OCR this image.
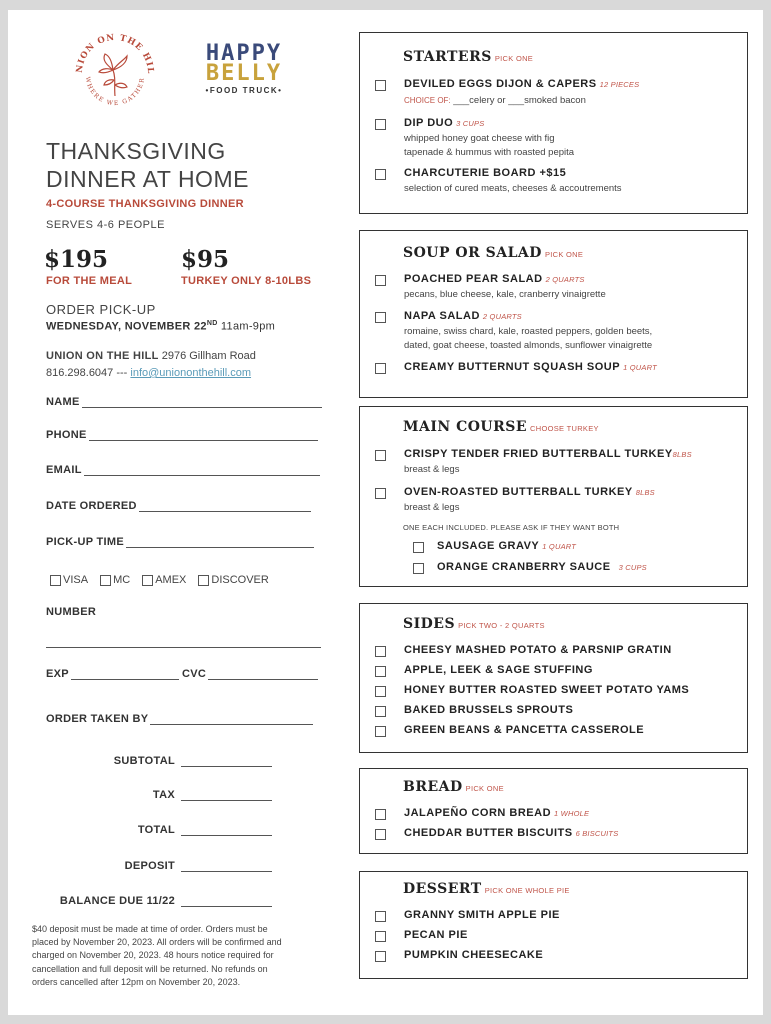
NION ON THE HIL
WHERE WE GATHER
HAPPY
BELLY
•FOOD TRUCK•
THANKSGIVING
DINNER AT HOME
4-COURSE THANKSGIVING DINNER
SERVES 4-6 PEOPLE
$195
FOR THE MEAL
$95
TURKEY ONLY 8-10LBS
ORDER PICK-UP
WEDNESDAY, NOVEMBER 22ND 11am-9pm
UNION ON THE HILL 2976 Gillham Road
816.298.6047 --- info@uniononthehill.com
NAME
PHONE
EMAIL
DATE ORDERED
PICK-UP TIME
VISA MC AMEX DISCOVER
NUMBER
EXP	CVC
ORDER TAKEN BY
SUBTOTAL
TAX
TOTAL
DEPOSIT
BALANCE DUE 11/22
$40 deposit must be made at time of order. Orders must be
placed by November 20, 2023. All orders will be confirmed and
charged on November 20, 2023. 48 hours notice required for
cancellation and full deposit will be returned. No refunds on
orders cancelled after 12pm on November 20, 2023.
STARTERS PICK ONE
DEVILED EGGS DIJON & CAPERS 12 PIECES
CHOICE OF: ___celery or ___smoked bacon
DIP DUO 3 CUPS
whipped honey goat cheese with fig
tapenade & hummus with roasted pepita
CHARCUTERIE BOARD +$15
selection of cured meats, cheeses & accoutrements
SOUP OR SALAD PICK ONE
POACHED PEAR SALAD 2 QUARTS
pecans, blue cheese, kale, cranberry vinaigrette
NAPA SALAD 2 QUARTS
romaine, swiss chard, kale, roasted peppers, golden beets,
dated, goat cheese, toasted almonds, sunflower vinaigrette
CREAMY BUTTERNUT SQUASH SOUP 1 QUART
MAIN COURSE CHOOSE TURKEY
CRISPY TENDER FRIED BUTTERBALL TURKEY8LBS
breast & legs
OVEN-ROASTED BUTTERBALL TURKEY 8LBS
breast & legs
ONE EACH INCLUDED. PLEASE ASK IF THEY WANT BOTH
SAUSAGE GRAVY 1 QUART
ORANGE CRANBERRY SAUCE 3 CUPS
SIDES PICK TWO - 2 QUARTS
CHEESY MASHED POTATO & PARSNIP GRATIN
APPLE, LEEK & SAGE STUFFING
HONEY BUTTER ROASTED SWEET POTATO YAMS
BAKED BRUSSELS SPROUTS
GREEN BEANS & PANCETTA CASSEROLE
BREAD PICK ONE
JALAPEÑO CORN BREAD 1 WHOLE
CHEDDAR BUTTER BISCUITS 6 BISCUITS
DESSERT PICK ONE WHOLE PIE
GRANNY SMITH APPLE PIE
PECAN PIE
PUMPKIN CHEESECAKE
